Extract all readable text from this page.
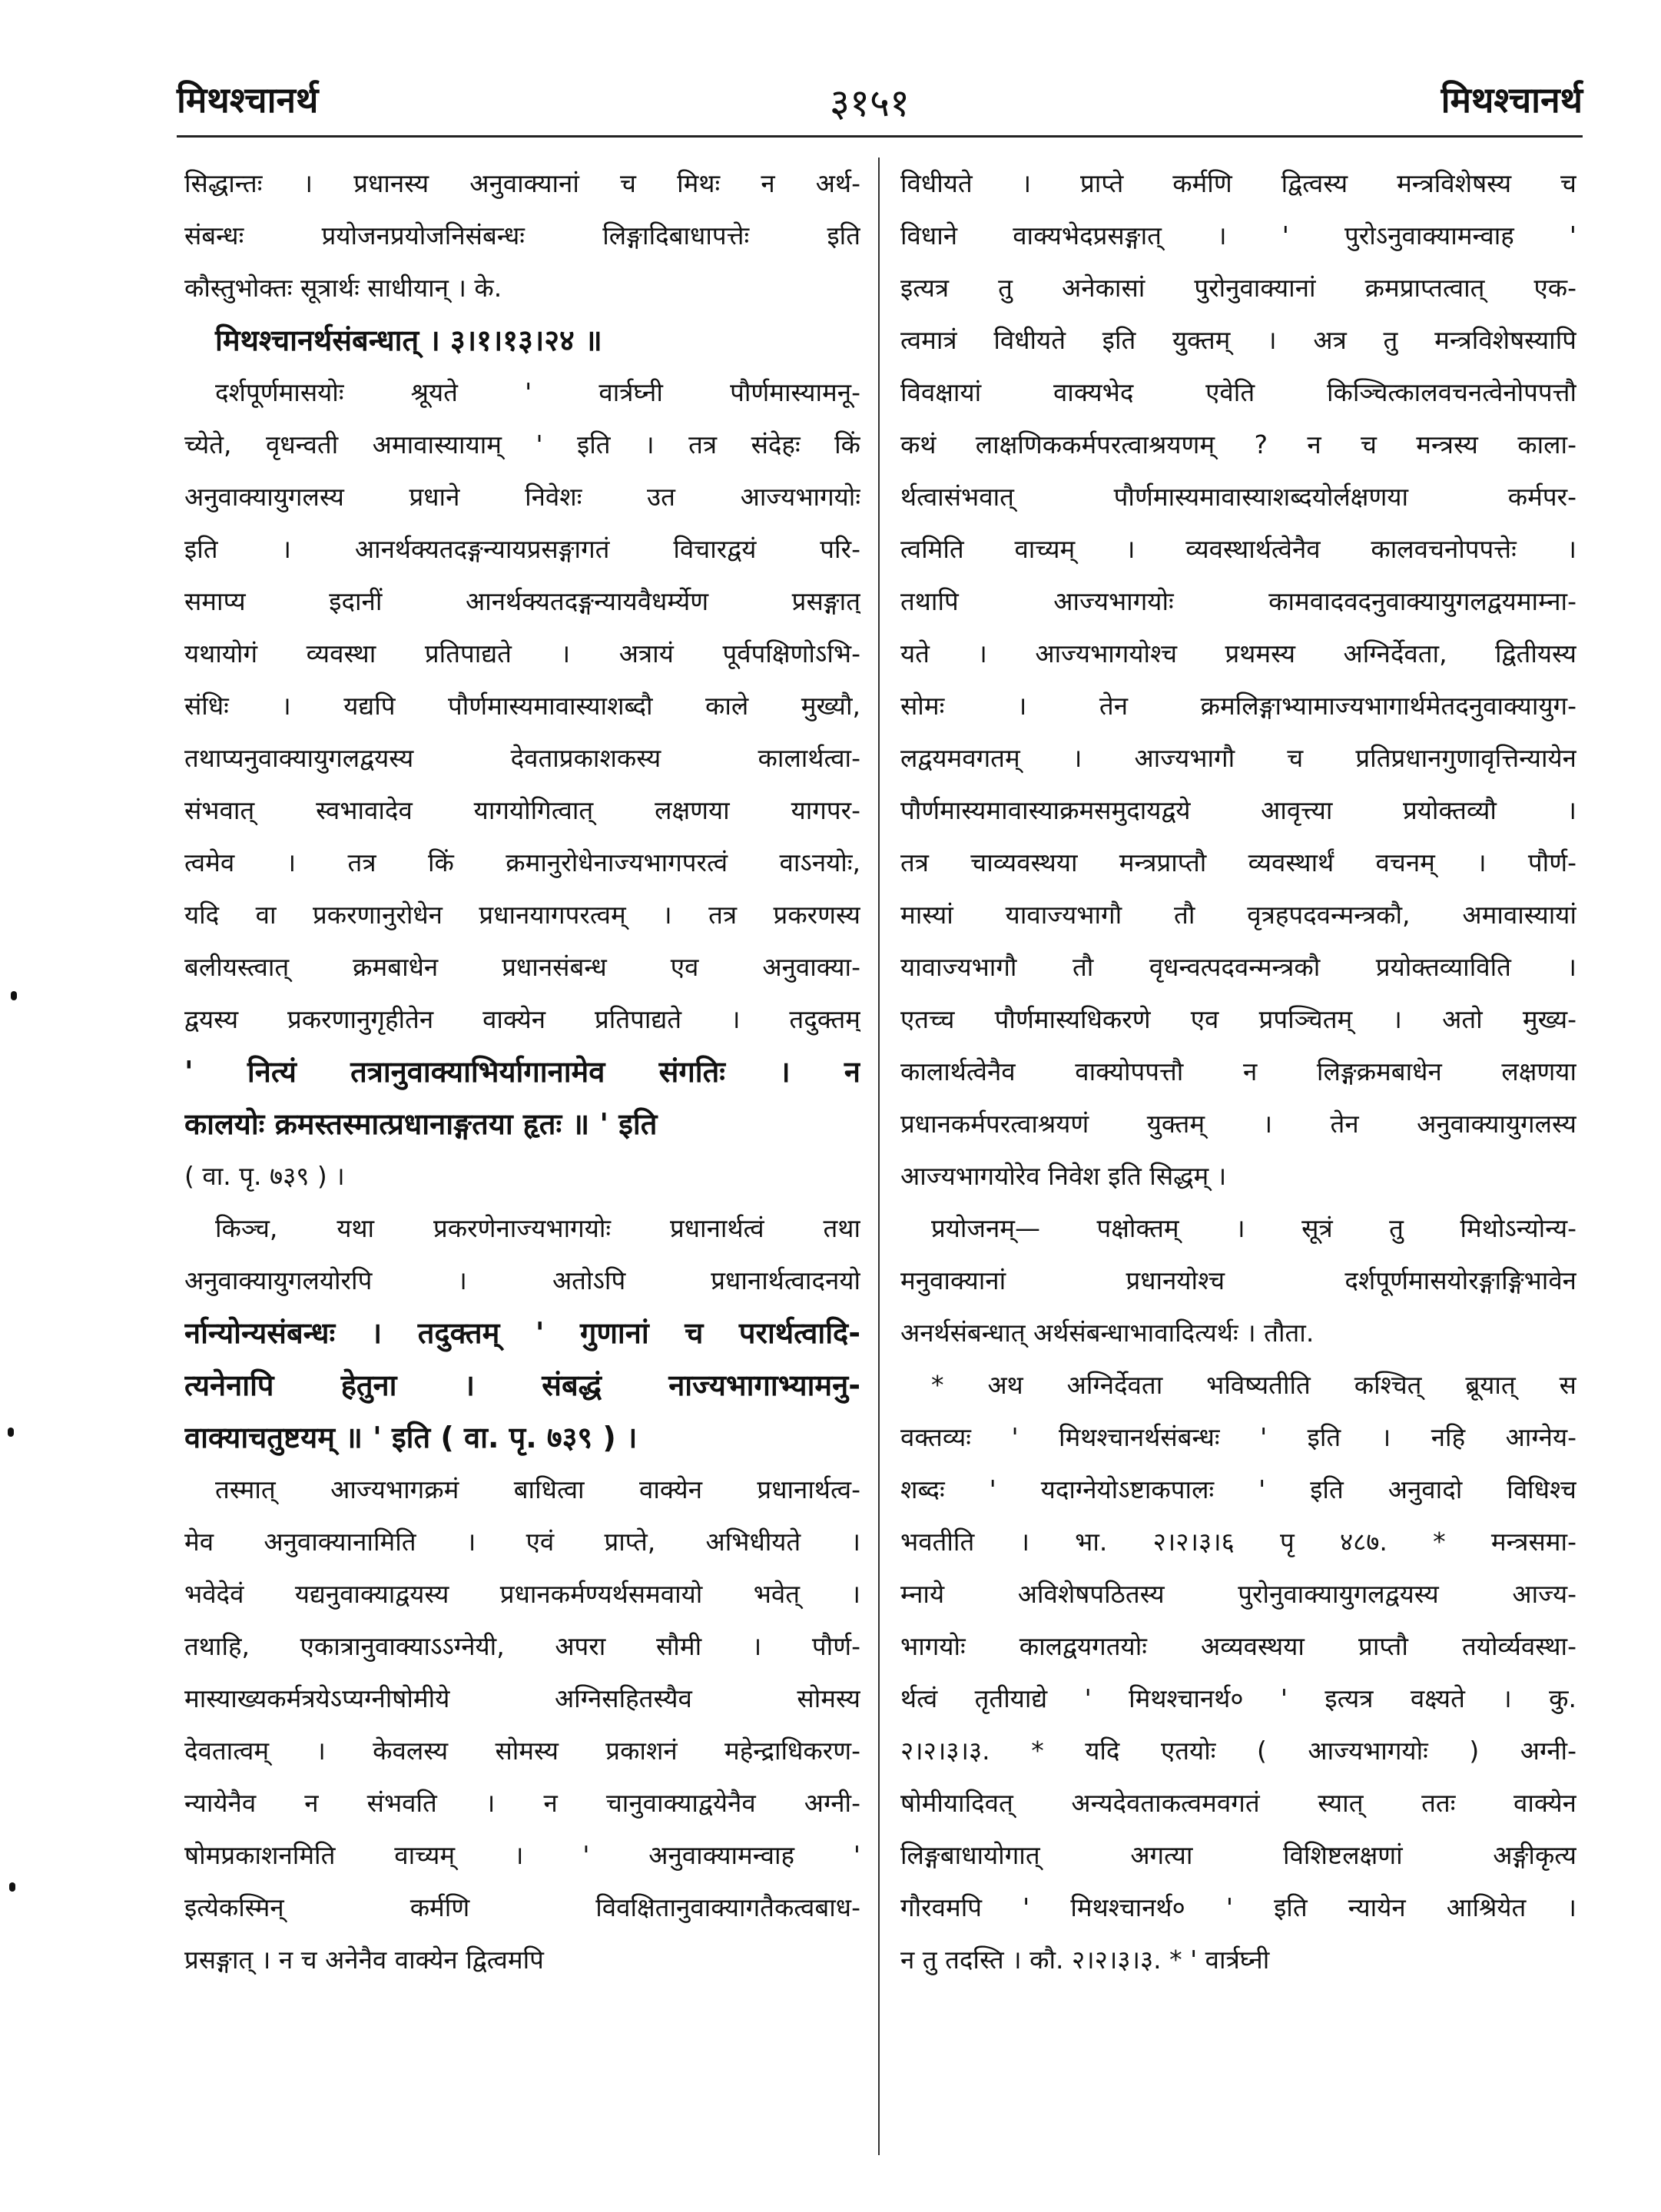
मिथश्चानर्थ	३१५१	मिथश्चानर्थ
सिद्धान्तः । प्रधानस्य अनुवाक्यानां च मिथः न अर्थ-
संबन्धः प्रयोजनप्रयोजनिसंबन्धः लिङ्गादिबाधापत्तेः इति
कौस्तुभोक्तः सूत्रार्थः साधीयान् । के.
मिथश्चानर्थसंबन्धात् । ३।१।१३।२४ ॥
दर्शपूर्णमासयोः श्रूयते ' वार्त्रघ्नी पौर्णमास्यामनू-
च्येते, वृधन्वती अमावास्यायाम् ' इति । तत्र संदेहः किं
अनुवाक्यायुगलस्य प्रधाने निवेशः उत आज्यभागयोः
इति । आनर्थक्यतदङ्गन्यायप्रसङ्गागतं विचारद्वयं परि-
समाप्य इदानीं आनर्थक्यतदङ्गन्यायवैधर्म्येण प्रसङ्गात्
यथायोगं व्यवस्था प्रतिपाद्यते । अत्रायं पूर्वपक्षिणोऽभि-
संधिः । यद्यपि पौर्णमास्यमावास्याशब्दौ काले मुख्यौ,
तथाप्यनुवाक्यायुगलद्वयस्य देवताप्रकाशकस्य कालार्थत्वा-
संभवात् स्वभावादेव यागयोगित्वात् लक्षणया यागपर-
त्वमेव । तत्र किं क्रमानुरोधेनाज्यभागपरत्वं वाऽनयोः,
यदि वा प्रकरणानुरोधेन प्रधानयागपरत्वम् । तत्र प्रकरणस्य
बलीयस्त्वात् क्रमबाधेन प्रधानसंबन्ध एव अनुवाक्या-
द्वयस्य प्रकरणानुगृहीतेन वाक्येन प्रतिपाद्यते । तदुक्तम्
' नित्यं तत्रानुवाक्याभिर्यागानामेव संगतिः । न
कालयोः क्रमस्तस्मात्प्रधानाङ्गतया हृतः ॥ ' इति
( वा. पृ. ७३९ ) ।
किञ्च, यथा प्रकरणेनाज्यभागयोः प्रधानार्थत्वं तथा
अनुवाक्यायुगलयोरपि । अतोऽपि प्रधानार्थत्वादनयो
र्नान्योन्यसंबन्धः । तदुक्तम् ' गुणानां च परार्थत्वादि-
त्यनेनापि हेतुना । संबद्धं नाज्यभागाभ्यामनु-
वाक्याचतुष्टयम् ॥ ' इति ( वा. पृ. ७३९ ) ।
तस्मात् आज्यभागक्रमं बाधित्वा वाक्येन प्रधानार्थत्व-
मेव अनुवाक्यानामिति । एवं प्राप्ते, अभिधीयते ।
भवेदेवं यद्यनुवाक्याद्वयस्य प्रधानकर्मण्यर्थसमवायो भवेत् ।
तथाहि, एकात्रानुवाक्याऽऽग्नेयी, अपरा सौमी । पौर्ण-
मास्याख्यकर्मत्रयेऽप्यग्नीषोमीये अग्निसहितस्यैव सोमस्य
देवतात्वम् । केवलस्य सोमस्य प्रकाशनं महेन्द्राधिकरण-
न्यायेनैव न संभवति । न चानुवाक्याद्वयेनैव अग्नी-
षोमप्रकाशनमिति वाच्यम् । ' अनुवाक्यामन्वाह '
इत्येकस्मिन् कर्मणि विवक्षितानुवाक्यागतैकत्वबाध-
प्रसङ्गात् । न च अनेनैव वाक्येन द्वित्वमपि
विधीयते । प्राप्ते कर्मणि द्वित्वस्य मन्त्रविशेषस्य च
विधाने वाक्यभेदप्रसङ्गात् । ' पुरोऽनुवाक्यामन्वाह '
इत्यत्र तु अनेकासां पुरोनुवाक्यानां क्रमप्राप्तत्वात् एक-
त्वमात्रं विधीयते इति युक्तम् । अत्र तु मन्त्रविशेषस्यापि
विवक्षायां वाक्यभेद एवेति किञ्चित्कालवचनत्वेनोपपत्तौ
कथं लाक्षणिककर्मपरत्वाश्रयणम् ? न च मन्त्रस्य काला-
र्थत्वासंभवात् पौर्णमास्यमावास्याशब्दयोर्लक्षणया कर्मपर-
त्वमिति वाच्यम् । व्यवस्थार्थत्वेनैव कालवचनोपपत्तेः ।
तथापि आज्यभागयोः कामवादवदनुवाक्यायुगलद्वयमाम्ना-
यते । आज्यभागयोश्च प्रथमस्य अग्निर्देवता, द्वितीयस्य
सोमः । तेन क्रमलिङ्गाभ्यामाज्यभागार्थमेतदनुवाक्यायुग-
लद्वयमवगतम् । आज्यभागौ च प्रतिप्रधानगुणावृत्तिन्यायेन
पौर्णमास्यमावास्याक्रमसमुदायद्वये आवृत्त्या प्रयोक्तव्यौ ।
तत्र चाव्यवस्थया मन्त्रप्राप्तौ व्यवस्थार्थं वचनम् । पौर्ण-
मास्यां यावाज्यभागौ तौ वृत्रहपदवन्मन्त्रकौ, अमावास्यायां
यावाज्यभागौ तौ वृधन्वत्पदवन्मन्त्रकौ प्रयोक्तव्याविति ।
एतच्च पौर्णमास्यधिकरणे एव प्रपञ्चितम् । अतो मुख्य-
कालार्थत्वेनैव वाक्योपपत्तौ न लिङ्गक्रमबाधेन लक्षणया
प्रधानकर्मपरत्वाश्रयणं युक्तम् । तेन अनुवाक्यायुगलस्य
आज्यभागयोरेव निवेश इति सिद्धम् ।
प्रयोजनम्— पक्षोक्तम् । सूत्रं तु मिथोऽन्योन्य-
मनुवाक्यानां प्रधानयोश्च दर्शपूर्णमासयोरङ्गाङ्गिभावेन
अनर्थसंबन्धात् अर्थसंबन्धाभावादित्यर्थः । तौता.
* अथ अग्निर्देवता भविष्यतीति कश्चित् ब्रूयात् स
वक्तव्यः ' मिथश्चानर्थसंबन्धः ' इति । नहि आग्नेय-
शब्दः ' यदाग्नेयोऽष्टाकपालः ' इति अनुवादो विधिश्च
भवतीति । भा. २।२।३।६ पृ ४८७. * मन्त्रसमा-
म्नाये अविशेषपठितस्य पुरोनुवाक्यायुगलद्वयस्य आज्य-
भागयोः कालद्वयगतयोः अव्यवस्थया प्राप्तौ तयोर्व्यवस्था-
र्थत्वं तृतीयाद्ये ' मिथश्चानर्थ० ' इत्यत्र वक्ष्यते । कु.
२।२।३।३. * यदि एतयोः ( आज्यभागयोः ) अग्नी-
षोमीयादिवत् अन्यदेवताकत्वमवगतं स्यात् ततः वाक्येन
लिङ्गबाधायोगात् अगत्या विशिष्टलक्षणां अङ्गीकृत्य
गौरवमपि ' मिथश्चानर्थ० ' इति न्यायेन आश्रियेत ।
न तु तदस्ति । कौ. २।२।३।३. * ' वार्त्रघ्नी
